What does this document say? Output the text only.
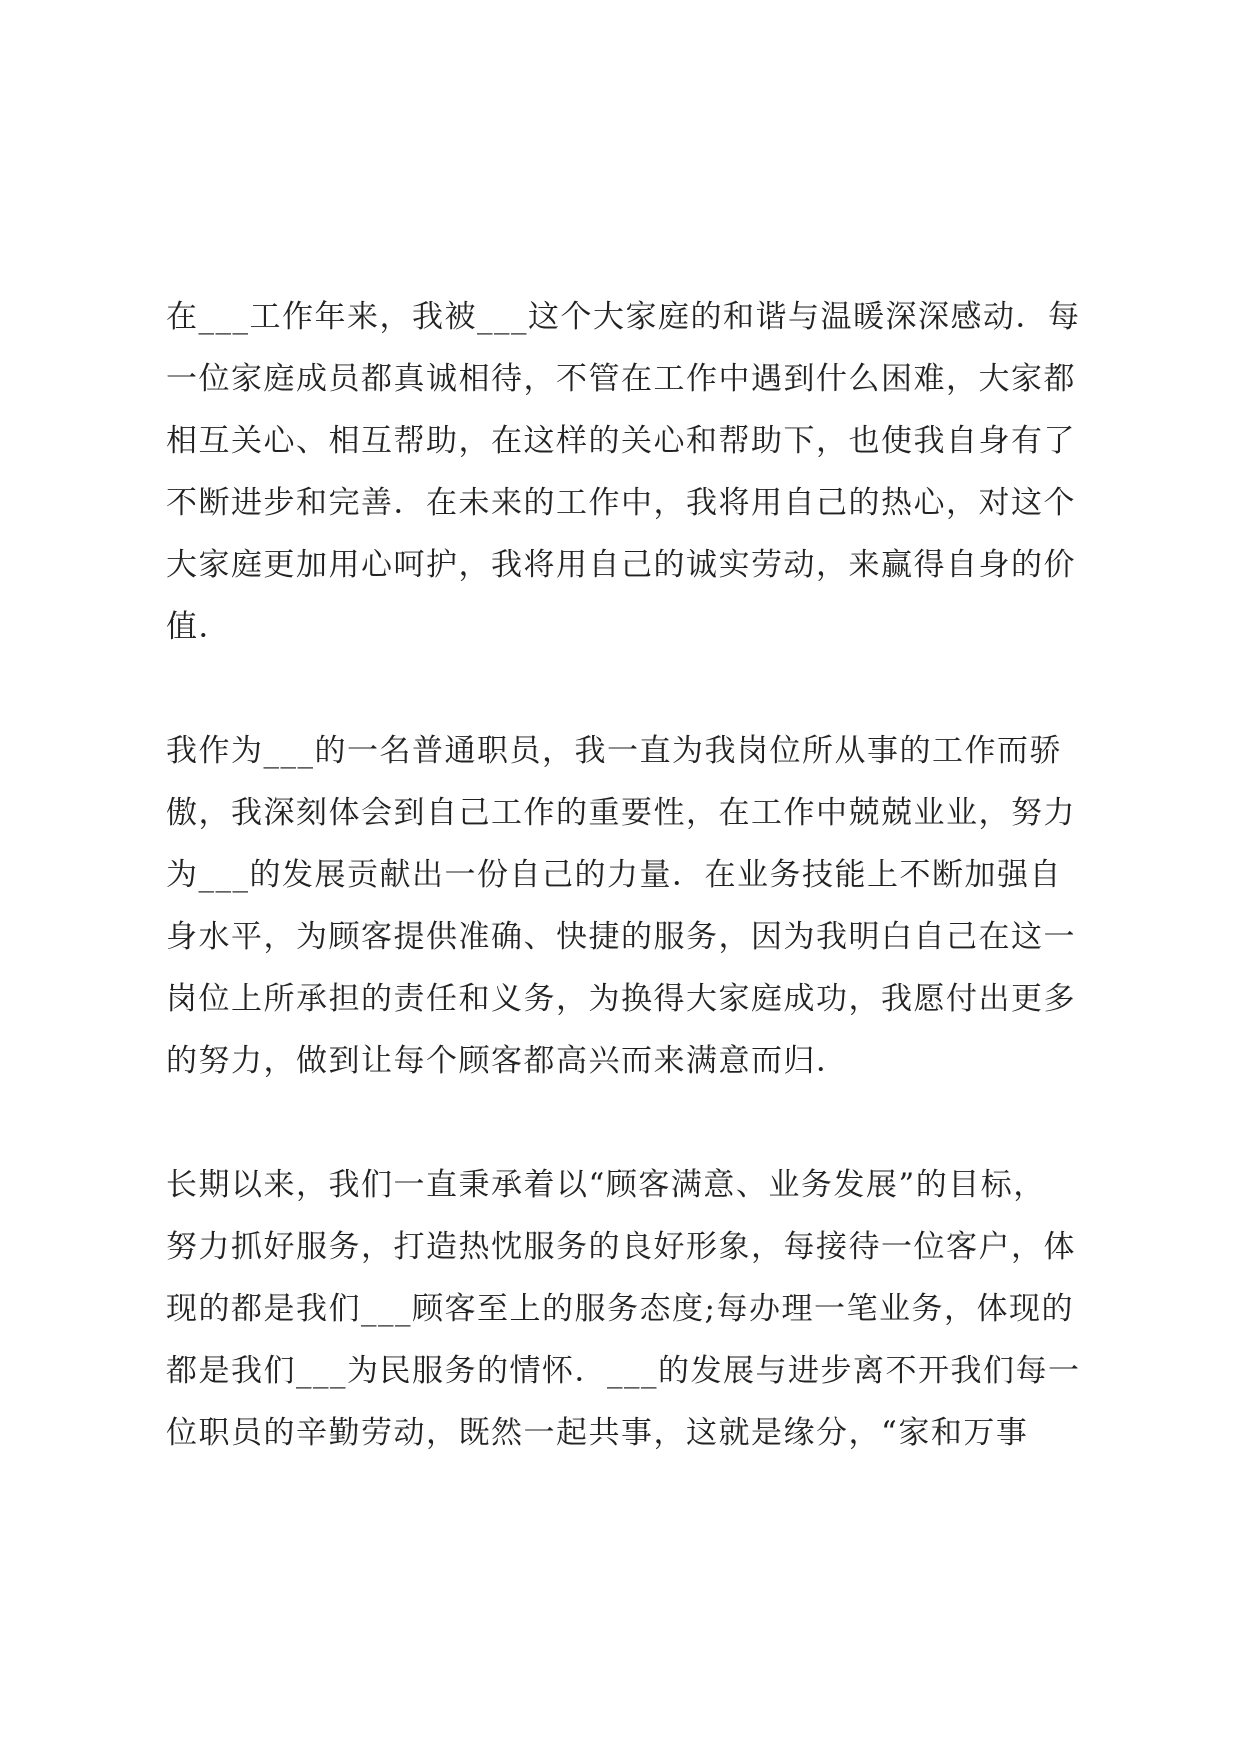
在___工作年来，我被___这个大家庭的和谐与温暖深深感动．每
一位家庭成员都真诚相待，不管在工作中遇到什么困难，大家都
相互关心、相互帮助，在这样的关心和帮助下，也使我自身有了
不断进步和完善．在未来的工作中，我将用自己的热心，对这个
大家庭更加用心呵护，我将用自己的诚实劳动，来赢得自身的价
值．
我作为___的一名普通职员，我一直为我岗位所从事的工作而骄
傲，我深刻体会到自己工作的重要性，在工作中兢兢业业，努力
为___的发展贡献出一份自己的力量．在业务技能上不断加强自
身水平，为顾客提供准确、快捷的服务，因为我明白自己在这一
岗位上所承担的责任和义务，为换得大家庭成功，我愿付出更多
的努力，做到让每个顾客都高兴而来满意而归．
长期以来，我们一直秉承着以“顾客满意、业务发展”的目标，
努力抓好服务，打造热忱服务的良好形象，每接待一位客户，体
现的都是我们___顾客至上的服务态度;每办理一笔业务，体现的
都是我们___为民服务的情怀．___的发展与进步离不开我们每一
位职员的辛勤劳动，既然一起共事，这就是缘分，“家和万事
